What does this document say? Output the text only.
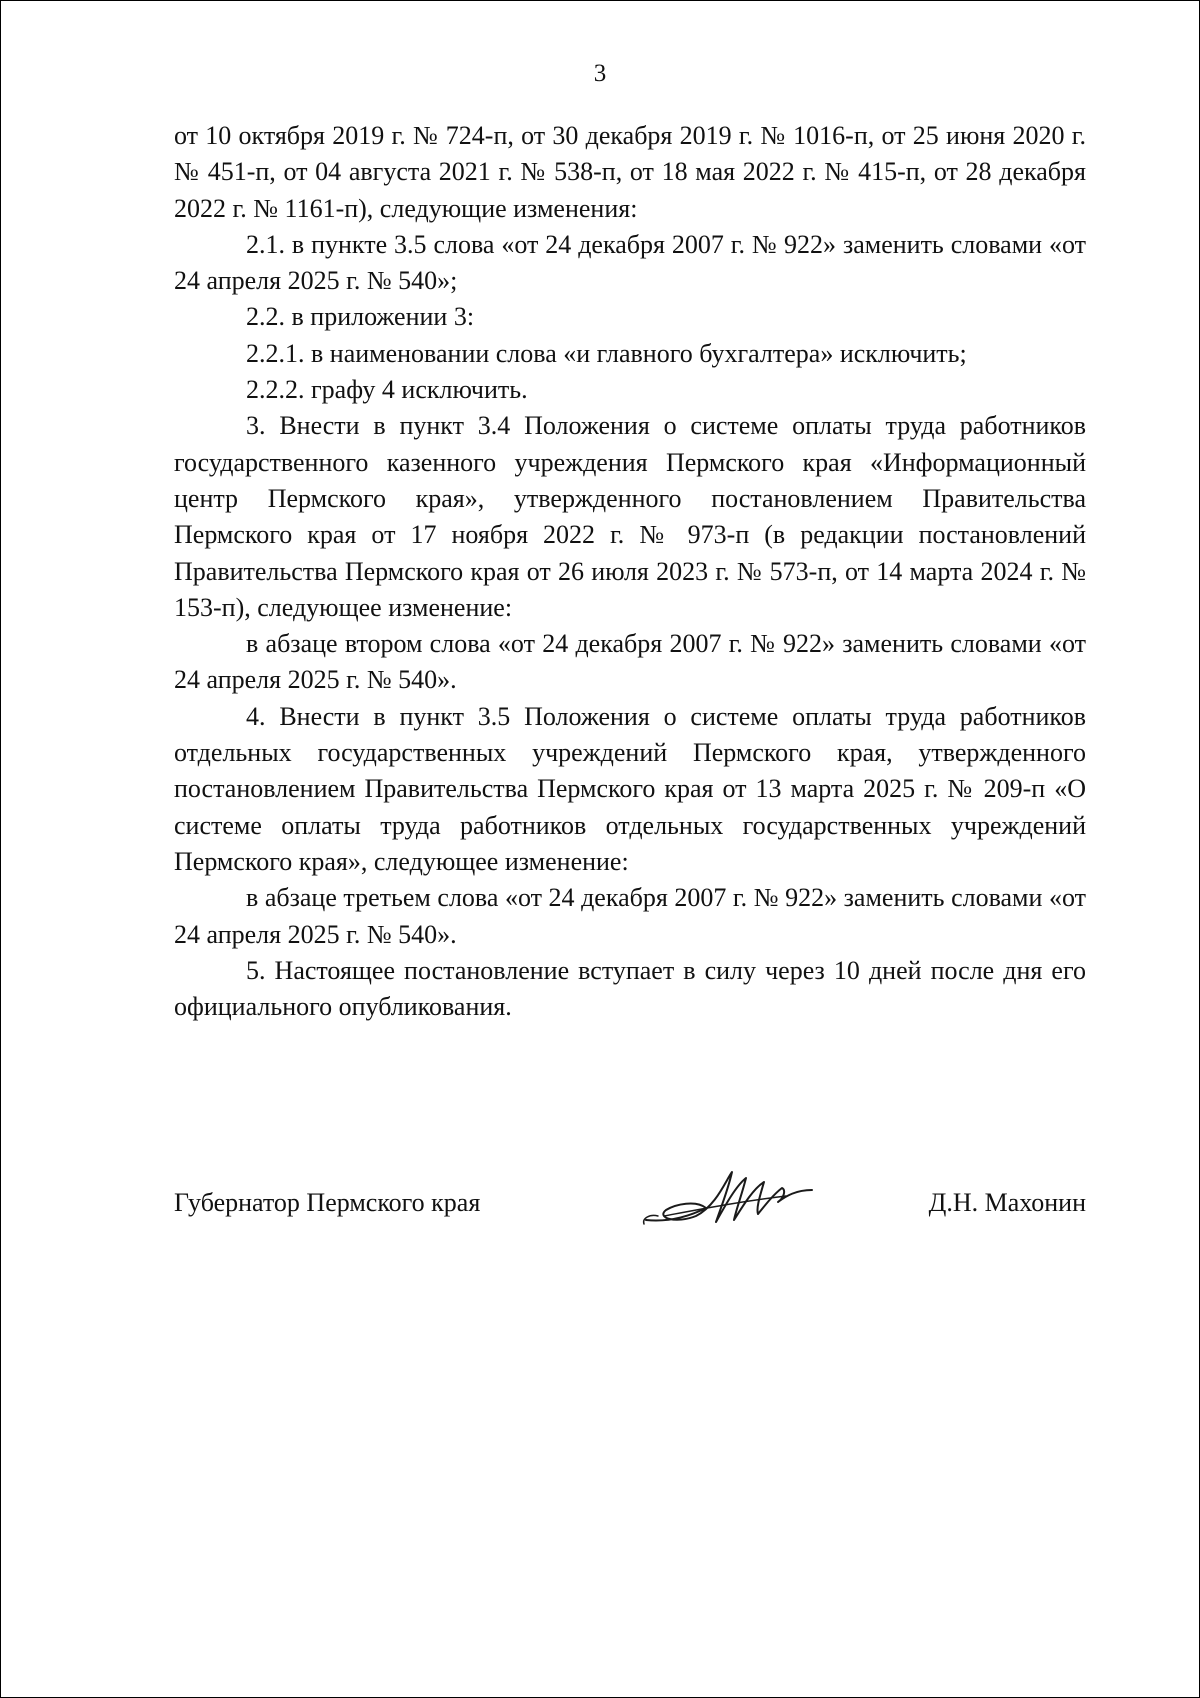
3

от 10 октября 2019 г. № 724-п, от 30 декабря 2019 г. № 1016-п, от 25 июня 2020 г. № 451-п, от 04 августа 2021 г. № 538-п, от 18 мая 2022 г. № 415-п, от 28 декабря 2022 г. № 1161-п), следующие изменения:

2.1. в пункте 3.5 слова «от 24 декабря 2007 г. № 922» заменить словами «от 24 апреля 2025 г. № 540»;

2.2. в приложении 3:

2.2.1. в наименовании слова «и главного бухгалтера» исключить;

2.2.2. графу 4 исключить.

3. Внести в пункт 3.4 Положения о системе оплаты труда работников государственного казенного учреждения Пермского края «Информационный центр Пермского края», утвержденного постановлением Правительства Пермского края от 17 ноября 2022 г. № 973-п (в редакции постановлений Правительства Пермского края от 26 июля 2023 г. № 573-п, от 14 марта 2024 г. № 153-п), следующее изменение:

в абзаце втором слова «от 24 декабря 2007 г. № 922» заменить словами «от 24 апреля 2025 г. № 540».

4. Внести в пункт 3.5 Положения о системе оплаты труда работников отдельных государственных учреждений Пермского края, утвержденного постановлением Правительства Пермского края от 13 марта 2025 г. № 209-п «О системе оплаты труда работников отдельных государственных учреждений Пермского края», следующее изменение:

в абзаце третьем слова «от 24 декабря 2007 г. № 922» заменить словами «от 24 апреля 2025 г. № 540».

5. Настоящее постановление вступает в силу через 10 дней после дня его официального опубликования.

Губернатор Пермского края	Д.Н. Махонин
